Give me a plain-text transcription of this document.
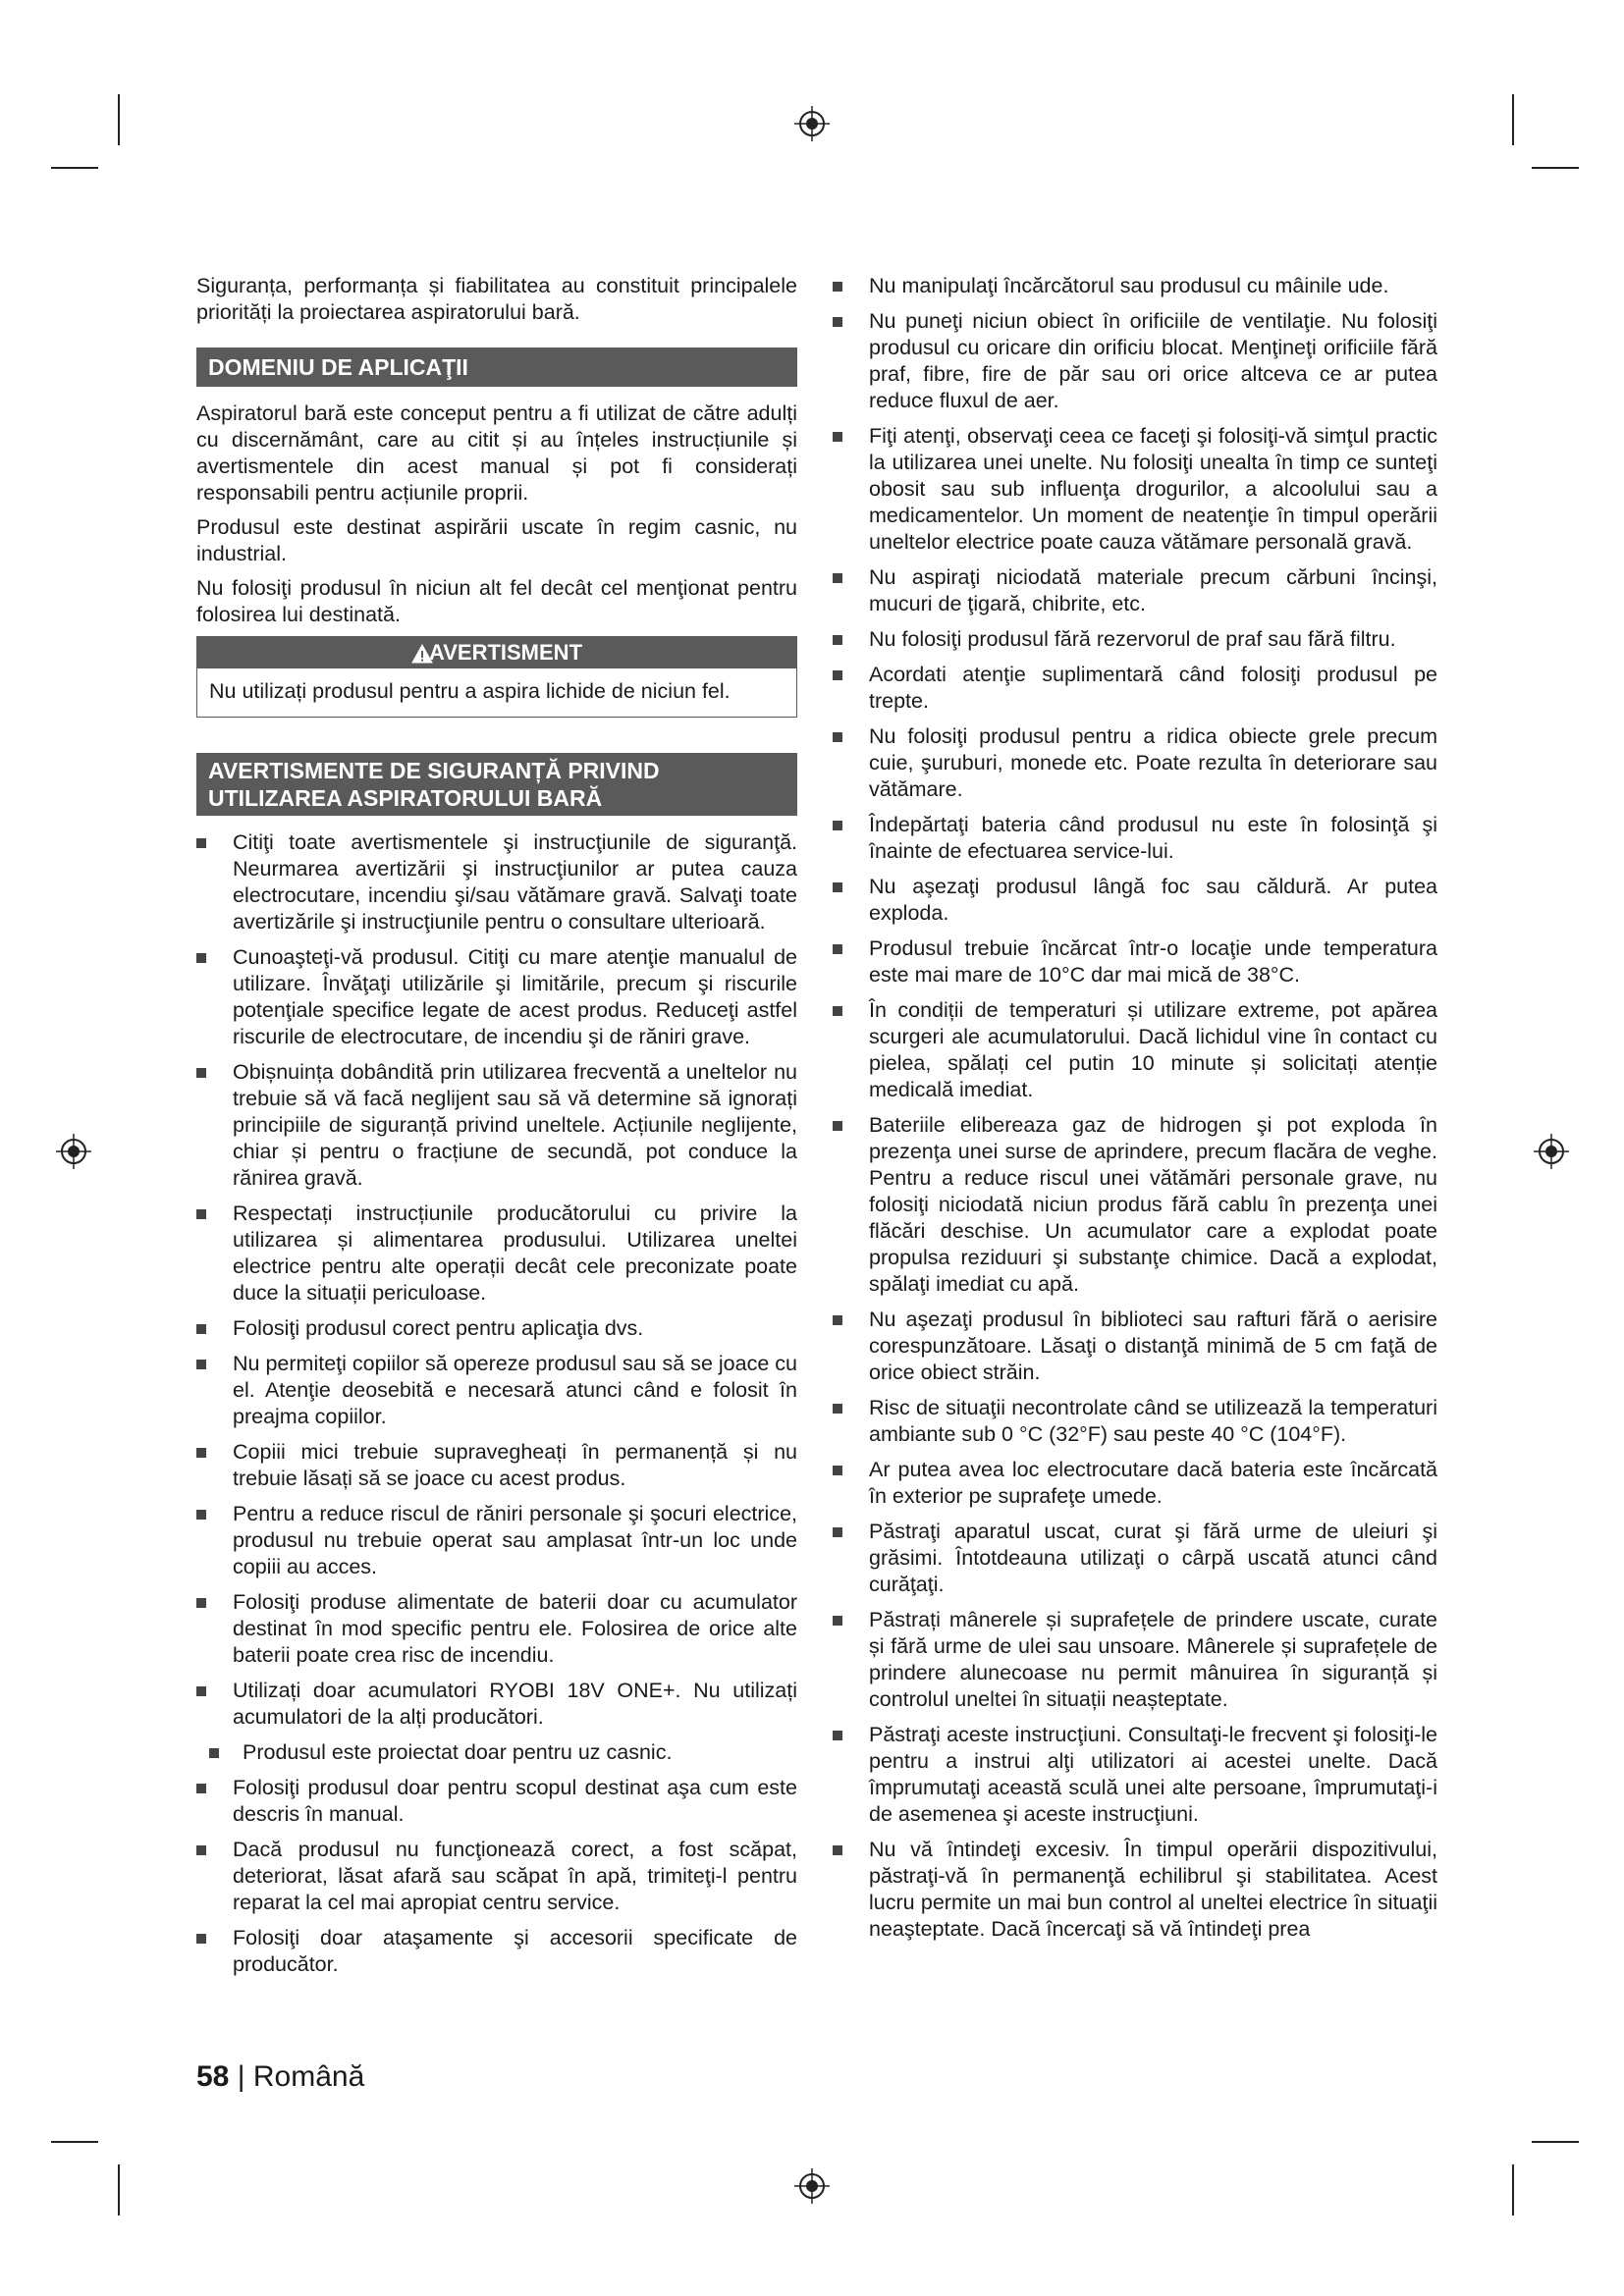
Siguranța, performanța și fiabilitatea au constituit principalele priorități la proiectarea aspiratorului bară.

DOMENIU DE APLICAŢII

Aspiratorul bară este conceput pentru a fi utilizat de către adulți cu discernământ, care au citit și au înțeles instrucțiunile și avertismentele din acest manual și pot fi considerați responsabili pentru acțiunile proprii.

Produsul este destinat aspirării uscate în regim casnic, nu industrial.

Nu folosiţi produsul în niciun alt fel decât cel menţionat pentru folosirea lui destinată.

AVERTISMENT
Nu utilizați produsul pentru a aspira lichide de niciun fel.
AVERTISMENTE DE SIGURANȚĂ PRIVIND
UTILIZAREA ASPIRATORULUI BARĂ
Citiţi toate avertismentele şi instrucţiunile de siguranţă. Neurmarea avertizării şi instrucţiunilor ar putea cauza electrocutare, incendiu şi/sau vătămare gravă. Salvaţi toate avertizările şi instrucţiunile pentru o consultare ulterioară.
Cunoaşteţi-vă produsul. Citiţi cu mare atenţie manualul de utilizare. Învăţaţi utilizările şi limitările, precum şi riscurile potenţiale specifice legate de acest produs. Reduceţi astfel riscurile de electrocutare, de incendiu şi de răniri grave.
Obișnuința dobândită prin utilizarea frecventă a uneltelor nu trebuie să vă facă neglijent sau să vă determine să ignorați principiile de siguranță privind uneltele. Acțiunile neglijente, chiar și pentru o fracțiune de secundă, pot conduce la rănirea gravă.
Respectați instrucțiunile producătorului cu privire la utilizarea și alimentarea produsului. Utilizarea uneltei electrice pentru alte operații decât cele preconizate poate duce la situații periculoase.
Folosiţi produsul corect pentru aplicaţia dvs.
Nu permiteţi copiilor să opereze produsul sau să se joace cu el. Atenţie deosebită e necesară atunci când e folosit în preajma copiilor.
Copiii mici trebuie supravegheați în permanență și nu trebuie lăsați să se joace cu acest produs.
Pentru a reduce riscul de răniri personale şi şocuri electrice, produsul nu trebuie operat sau amplasat într-un loc unde copiii au acces.
Folosiţi produse alimentate de baterii doar cu acumulator destinat în mod specific pentru ele. Folosirea de orice alte baterii poate crea risc de incendiu.
Utilizați doar acumulatori RYOBI 18V ONE+. Nu utilizați acumulatori de la alți producători.
Produsul este proiectat doar pentru uz casnic.
Folosiţi produsul doar pentru scopul destinat aşa cum este descris în manual.
Dacă produsul nu funcţionează corect, a fost scăpat, deteriorat, lăsat afară sau scăpat în apă, trimiteţi-l pentru reparat la cel mai apropiat centru service.
Folosiţi doar ataşamente şi accesorii specificate de producător.
Nu manipulaţi încărcătorul sau produsul cu mâinile ude.
Nu puneţi niciun obiect în orificiile de ventilaţie. Nu folosiţi produsul cu oricare din orificiu blocat. Menţineţi orificiile fără praf, fibre, fire de păr sau ori orice altceva ce ar putea reduce fluxul de aer.
Fiţi atenţi, observaţi ceea ce faceţi şi folosiţi-vă simţul practic la utilizarea unei unelte. Nu folosiţi unealta în timp ce sunteţi obosit sau sub influenţa drogurilor, a alcoolului sau a medicamentelor. Un moment de neatenţie în timpul operării uneltelor electrice poate cauza vătămare personală gravă.
Nu aspiraţi niciodată materiale precum cărbuni încinşi, mucuri de ţigară, chibrite, etc.
Nu folosiţi produsul fără rezervorul de praf sau fără filtru.
Acordati atenţie suplimentară când folosiţi produsul pe trepte.
Nu folosiţi produsul pentru a ridica obiecte grele precum cuie, şuruburi, monede etc. Poate rezulta în deteriorare sau vătămare.
Îndepărtaţi bateria când produsul nu este în folosinţă şi înainte de efectuarea service-lui.
Nu aşezaţi produsul lângă foc sau căldură. Ar putea exploda.
Produsul trebuie încărcat într-o locaţie unde temperatura este mai mare de 10°C dar mai mică de 38°C.
În condiții de temperaturi și utilizare extreme, pot apărea scurgeri ale acumulatorului. Dacă lichidul vine în contact cu pielea, spălați cel putin 10 minute și solicitați atenție medicală imediat.
Bateriile elibereaza gaz de hidrogen şi pot exploda în prezenţa unei surse de aprindere, precum flacăra de veghe. Pentru a reduce riscul unei vătămări personale grave, nu folosiţi niciodată niciun produs fără cablu în prezenţa unei flăcări deschise. Un acumulator care a explodat poate propulsa reziduuri şi substanţe chimice. Dacă a explodat, spălaţi imediat cu apă.
Nu aşezaţi produsul în biblioteci sau rafturi fără o aerisire corespunzătoare. Lăsaţi o distanţă minimă de 5 cm faţă de orice obiect străin.
Risc de situaţii necontrolate când se utilizează la temperaturi ambiante sub 0 °C (32°F) sau peste 40 °C (104°F).
Ar putea avea loc electrocutare dacă bateria este încărcată în exterior pe suprafeţe umede.
Păstraţi aparatul uscat, curat şi fără urme de uleiuri şi grăsimi. Întotdeauna utilizaţi o cârpă uscată atunci când curăţaţi.
Păstrați mânerele și suprafețele de prindere uscate, curate și fără urme de ulei sau unsoare. Mânerele și suprafețele de prindere alunecoase nu permit mânuirea în siguranță și controlul uneltei în situații neașteptate.
Păstraţi aceste instrucţiuni. Consultaţi-le frecvent şi folosiţi-le pentru a instrui alţi utilizatori ai acestei unelte. Dacă împrumutaţi această sculă unei alte persoane, împrumutaţi-i de asemenea şi aceste instrucţiuni.
Nu vă întindeţi excesiv. În timpul operării dispozitivului, păstraţi-vă în permanenţă echilibrul şi stabilitatea. Acest lucru permite un mai bun control al uneltei electrice în situaţii neaşteptate. Dacă încercaţi să vă întindeţi prea
58 | Română
